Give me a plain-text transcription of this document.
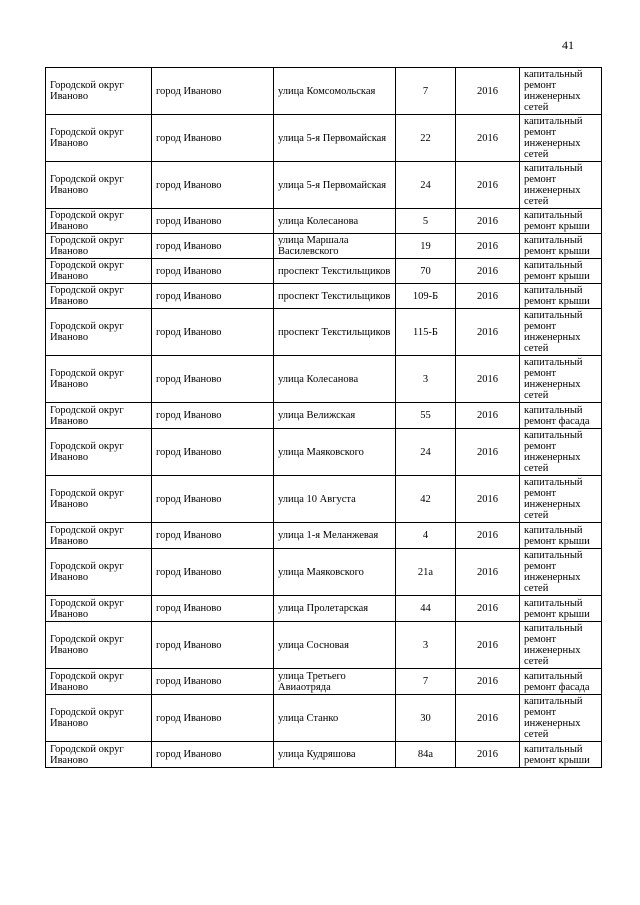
41
Городской округ Иваново	город Иваново	улица Комсомольская	7	2016	капитальный ремонт инженерных сетей
Городской округ Иваново	город Иваново	улица 5-я Первомайская	22	2016	капитальный ремонт инженерных сетей
Городской округ Иваново	город Иваново	улица 5-я Первомайская	24	2016	капитальный ремонт инженерных сетей
Городской округ Иваново	город Иваново	улица Колесанова	5	2016	капитальный ремонт крыши
Городской округ Иваново	город Иваново	улица Маршала Василевского	19	2016	капитальный ремонт крыши
Городской округ Иваново	город Иваново	проспект Текстильщиков	70	2016	капитальный ремонт крыши
Городской округ Иваново	город Иваново	проспект Текстильщиков	109-Б	2016	капитальный ремонт крыши
Городской округ Иваново	город Иваново	проспект Текстильщиков	115-Б	2016	капитальный ремонт инженерных сетей
Городской округ Иваново	город Иваново	улица Колесанова	3	2016	капитальный ремонт инженерных сетей
Городской округ Иваново	город Иваново	улица Велижская	55	2016	капитальный ремонт фасада
Городской округ Иваново	город Иваново	улица Маяковского	24	2016	капитальный ремонт инженерных сетей
Городской округ Иваново	город Иваново	улица 10 Августа	42	2016	капитальный ремонт инженерных сетей
Городской округ Иваново	город Иваново	улица 1-я Меланжевая	4	2016	капитальный ремонт крыши
Городской округ Иваново	город Иваново	улица Маяковского	21а	2016	капитальный ремонт инженерных сетей
Городской округ Иваново	город Иваново	улица Пролетарская	44	2016	капитальный ремонт крыши
Городской округ Иваново	город Иваново	улица Сосновая	3	2016	капитальный ремонт инженерных сетей
Городской округ Иваново	город Иваново	улица Третьего Авиаотряда	7	2016	капитальный ремонт фасада
Городской округ Иваново	город Иваново	улица Станко	30	2016	капитальный ремонт инженерных сетей
Городской округ Иваново	город Иваново	улица Кудряшова	84а	2016	капитальный ремонт крыши
